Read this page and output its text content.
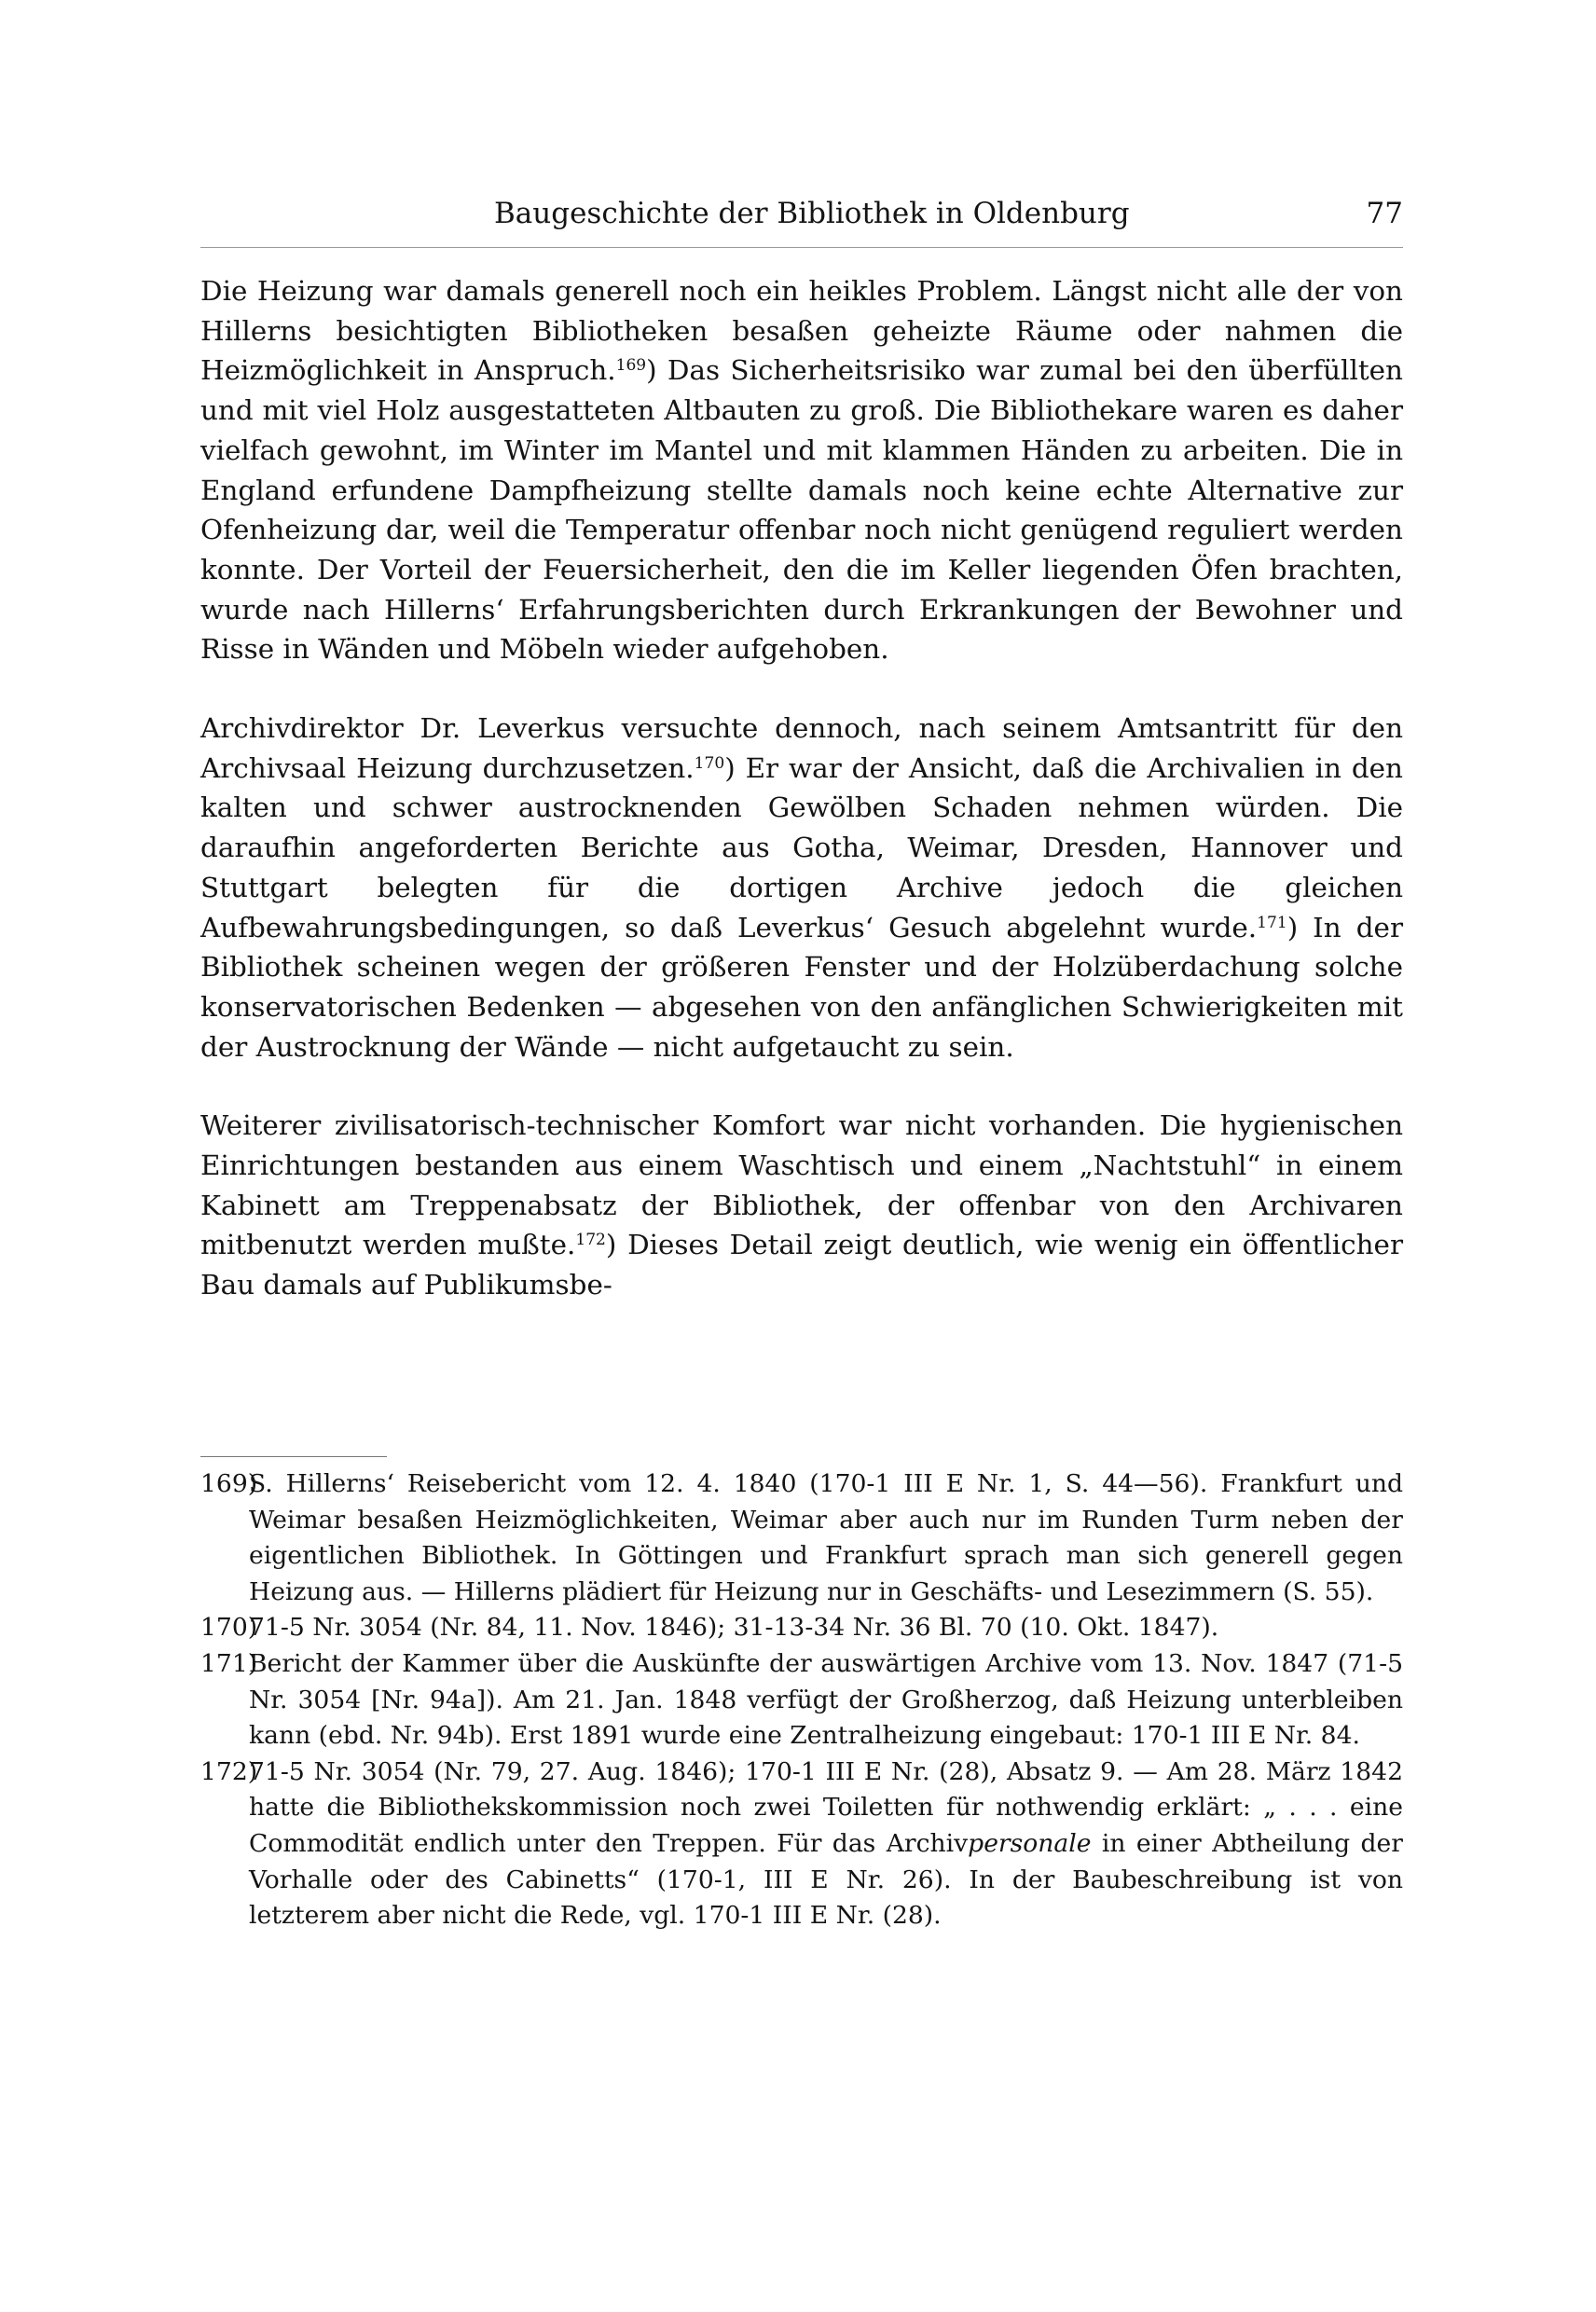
Baugeschichte der Bibliothek in Oldenburg	77

Die Heizung war damals generell noch ein heikles Problem. Längst nicht alle der von Hillerns besichtigten Bibliotheken besaßen geheizte Räume oder nahmen die Heizmöglichkeit in Anspruch.$^{169}$) Das Sicherheitsrisiko war zumal bei den überfüllten und mit viel Holz ausgestatteten Altbauten zu groß. Die Bibliothekare waren es daher vielfach gewohnt, im Winter im Mantel und mit klammen Händen zu arbeiten. Die in England erfundene Dampfheizung stellte damals noch keine echte Alternative zur Ofenheizung dar, weil die Temperatur offenbar noch nicht genügend reguliert werden konnte. Der Vorteil der Feuersicherheit, den die im Keller liegenden Öfen brachten, wurde nach Hillerns‘ Erfahrungsberichten durch Erkrankungen der Bewohner und Risse in Wänden und Möbeln wieder aufgehoben.

Archivdirektor Dr. Leverkus versuchte dennoch, nach seinem Amtsantritt für den Archivsaal Heizung durchzusetzen.$^{170}$) Er war der Ansicht, daß die Archivalien in den kalten und schwer austrocknenden Gewölben Schaden nehmen würden. Die daraufhin angeforderten Berichte aus Gotha, Weimar, Dresden, Hannover und Stuttgart belegten für die dortigen Archive jedoch die gleichen Aufbewahrungsbedingungen, so daß Leverkus‘ Gesuch abgelehnt wurde.$^{171}$) In der Bibliothek scheinen wegen der größeren Fenster und der Holzüberdachung solche konservatorischen Bedenken — abgesehen von den anfänglichen Schwierigkeiten mit der Austrocknung der Wände — nicht aufgetaucht zu sein.

Weiterer zivilisatorisch-technischer Komfort war nicht vorhanden. Die hygienischen Einrichtungen bestanden aus einem Waschtisch und einem „Nachtstuhl“ in einem Kabinett am Treppenabsatz der Bibliothek, der offenbar von den Archivaren mitbenutzt werden mußte.$^{172}$) Dieses Detail zeigt deutlich, wie wenig ein öffentlicher Bau damals auf Publikumsbe-

169)
S. Hillerns‘ Reisebericht vom 12. 4. 1840 (170-1 III E Nr. 1, S. 44—56). Frankfurt und Weimar besaßen Heizmöglichkeiten, Weimar aber auch nur im Runden Turm neben der eigentlichen Bibliothek. In Göttingen und Frankfurt sprach man sich generell gegen Heizung aus. — Hillerns plädiert für Heizung nur in Geschäfts- und Lesezimmern (S. 55).
170)
71-5 Nr. 3054 (Nr. 84, 11. Nov. 1846); 31-13-34 Nr. 36 Bl. 70 (10. Okt. 1847).
171)
Bericht der Kammer über die Auskünfte der auswärtigen Archive vom 13. Nov. 1847 (71-5 Nr. 3054 [Nr. 94a]). Am 21. Jan. 1848 verfügt der Großherzog, daß Heizung unterbleiben kann (ebd. Nr. 94b). Erst 1891 wurde eine Zentralheizung eingebaut: 170-1 III E Nr. 84.
172)
71-5 Nr. 3054 (Nr. 79, 27. Aug. 1846); 170-1 III E Nr. (28), Absatz 9. — Am 28. März 1842 hatte die Bibliothekskommission noch zwei Toiletten für nothwendig erklärt: „ . . . eine Commodität endlich unter den Treppen. Für das Archivpersonale in einer Abtheilung der Vorhalle oder des Cabinetts“ (170-1, III E Nr. 26). In der Baubeschreibung ist von letzterem aber nicht die Rede, vgl. 170-1 III E Nr. (28).
